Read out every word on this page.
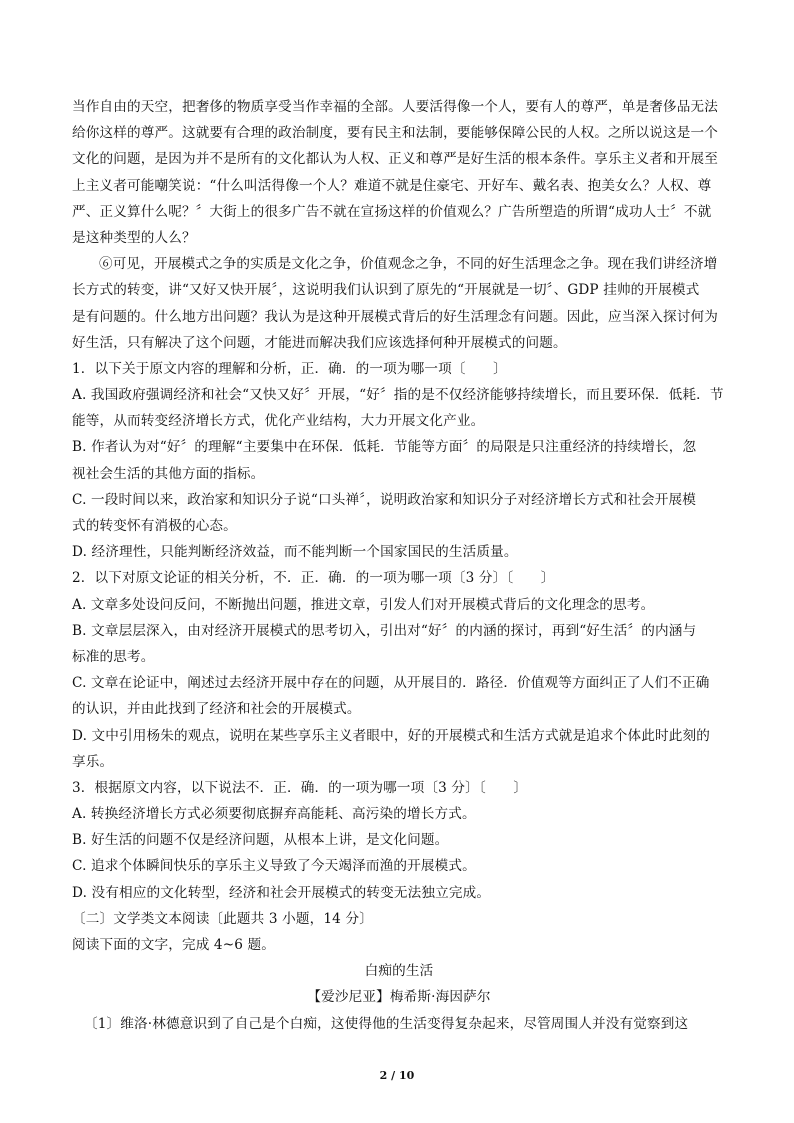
当作自由的天空，把奢侈的物质享受当作幸福的全部。人要活得像一个人，要有人的尊严，单是奢侈品无法
给你这样的尊严。这就要有合理的政治制度，要有民主和法制，要能够保障公民的人权。之所以说这是一个
文化的问题，是因为并不是所有的文化都认为人权、正义和尊严是好生活的根本条件。享乐主义者和开展至
上主义者可能嘲笑说：“什么叫活得像一个人？难道不就是住豪宅、开好车、戴名表、抱美女么？人权、尊
严、正义算什么呢？〞大街上的很多广告不就在宣扬这样的价值观么？广告所塑造的所谓“成功人士〞不就
是这种类型的人么？
⑥可见，开展模式之争的实质是文化之争，价值观念之争，不同的好生活理念之争。现在我们讲经济增
长方式的转变，讲“又好又快开展〞，这说明我们认识到了原先的“开展就是一切〞、GDP 挂帅的开展模式
是有问题的。什么地方出问题？我认为是这种开展模式背后的好生活理念有问题。因此，应当深入探讨何为
好生活，只有解决了这个问题，才能进而解决我们应该选择何种开展模式的问题。
1．以下关于原文内容的理解和分析，正．确．的一项为哪一项〔　　〕
A. 我国政府强调经济和社会“又快又好〞开展，“好〞指的是不仅经济能够持续增长，而且要环保．低耗．节
能等，从而转变经济增长方式，优化产业结构，大力开展文化产业。
B. 作者认为对“好〞的理解“主要集中在环保．低耗．节能等方面〞的局限是只注重经济的持续增长，忽
视社会生活的其他方面的指标。
C. 一段时间以来，政治家和知识分子说“口头禅〞，说明政治家和知识分子对经济增长方式和社会开展模
式的转变怀有消极的心态。
D. 经济理性，只能判断经济效益，而不能判断一个国家国民的生活质量。
2．以下对原文论证的相关分析，不．正．确．的一项为哪一项〔3 分〕〔　　〕
A. 文章多处设问反问，不断抛出问题，推进文章，引发人们对开展模式背后的文化理念的思考。
B. 文章层层深入，由对经济开展模式的思考切入，引出对“好〞的内涵的探讨，再到“好生活〞的内涵与
标准的思考。
C. 文章在论证中，阐述过去经济开展中存在的问题，从开展目的．路径．价值观等方面纠正了人们不正确
的认识，并由此找到了经济和社会的开展模式。
D. 文中引用杨朱的观点，说明在某些享乐主义者眼中，好的开展模式和生活方式就是追求个体此时此刻的
享乐。
3．根据原文内容，以下说法不．正．确．的一项为哪一项〔3 分〕〔　　〕
A. 转换经济增长方式必须要彻底摒弃高能耗、高污染的增长方式。
B. 好生活的问题不仅是经济问题，从根本上讲，是文化问题。
C. 追求个体瞬间快乐的享乐主义导致了今天竭泽而渔的开展模式。
D. 没有相应的文化转型，经济和社会开展模式的转变无法独立完成。
〔二〕文学类文本阅读〔此题共 3 小题，14 分〕
阅读下面的文字，完成 4~6 题。
白痴的生活
【爱沙尼亚】梅希斯·海因萨尔
〔1〕维洛·林德意识到了自己是个白痴，这使得他的生活变得复杂起来，尽管周围人并没有觉察到这
2 / 10
